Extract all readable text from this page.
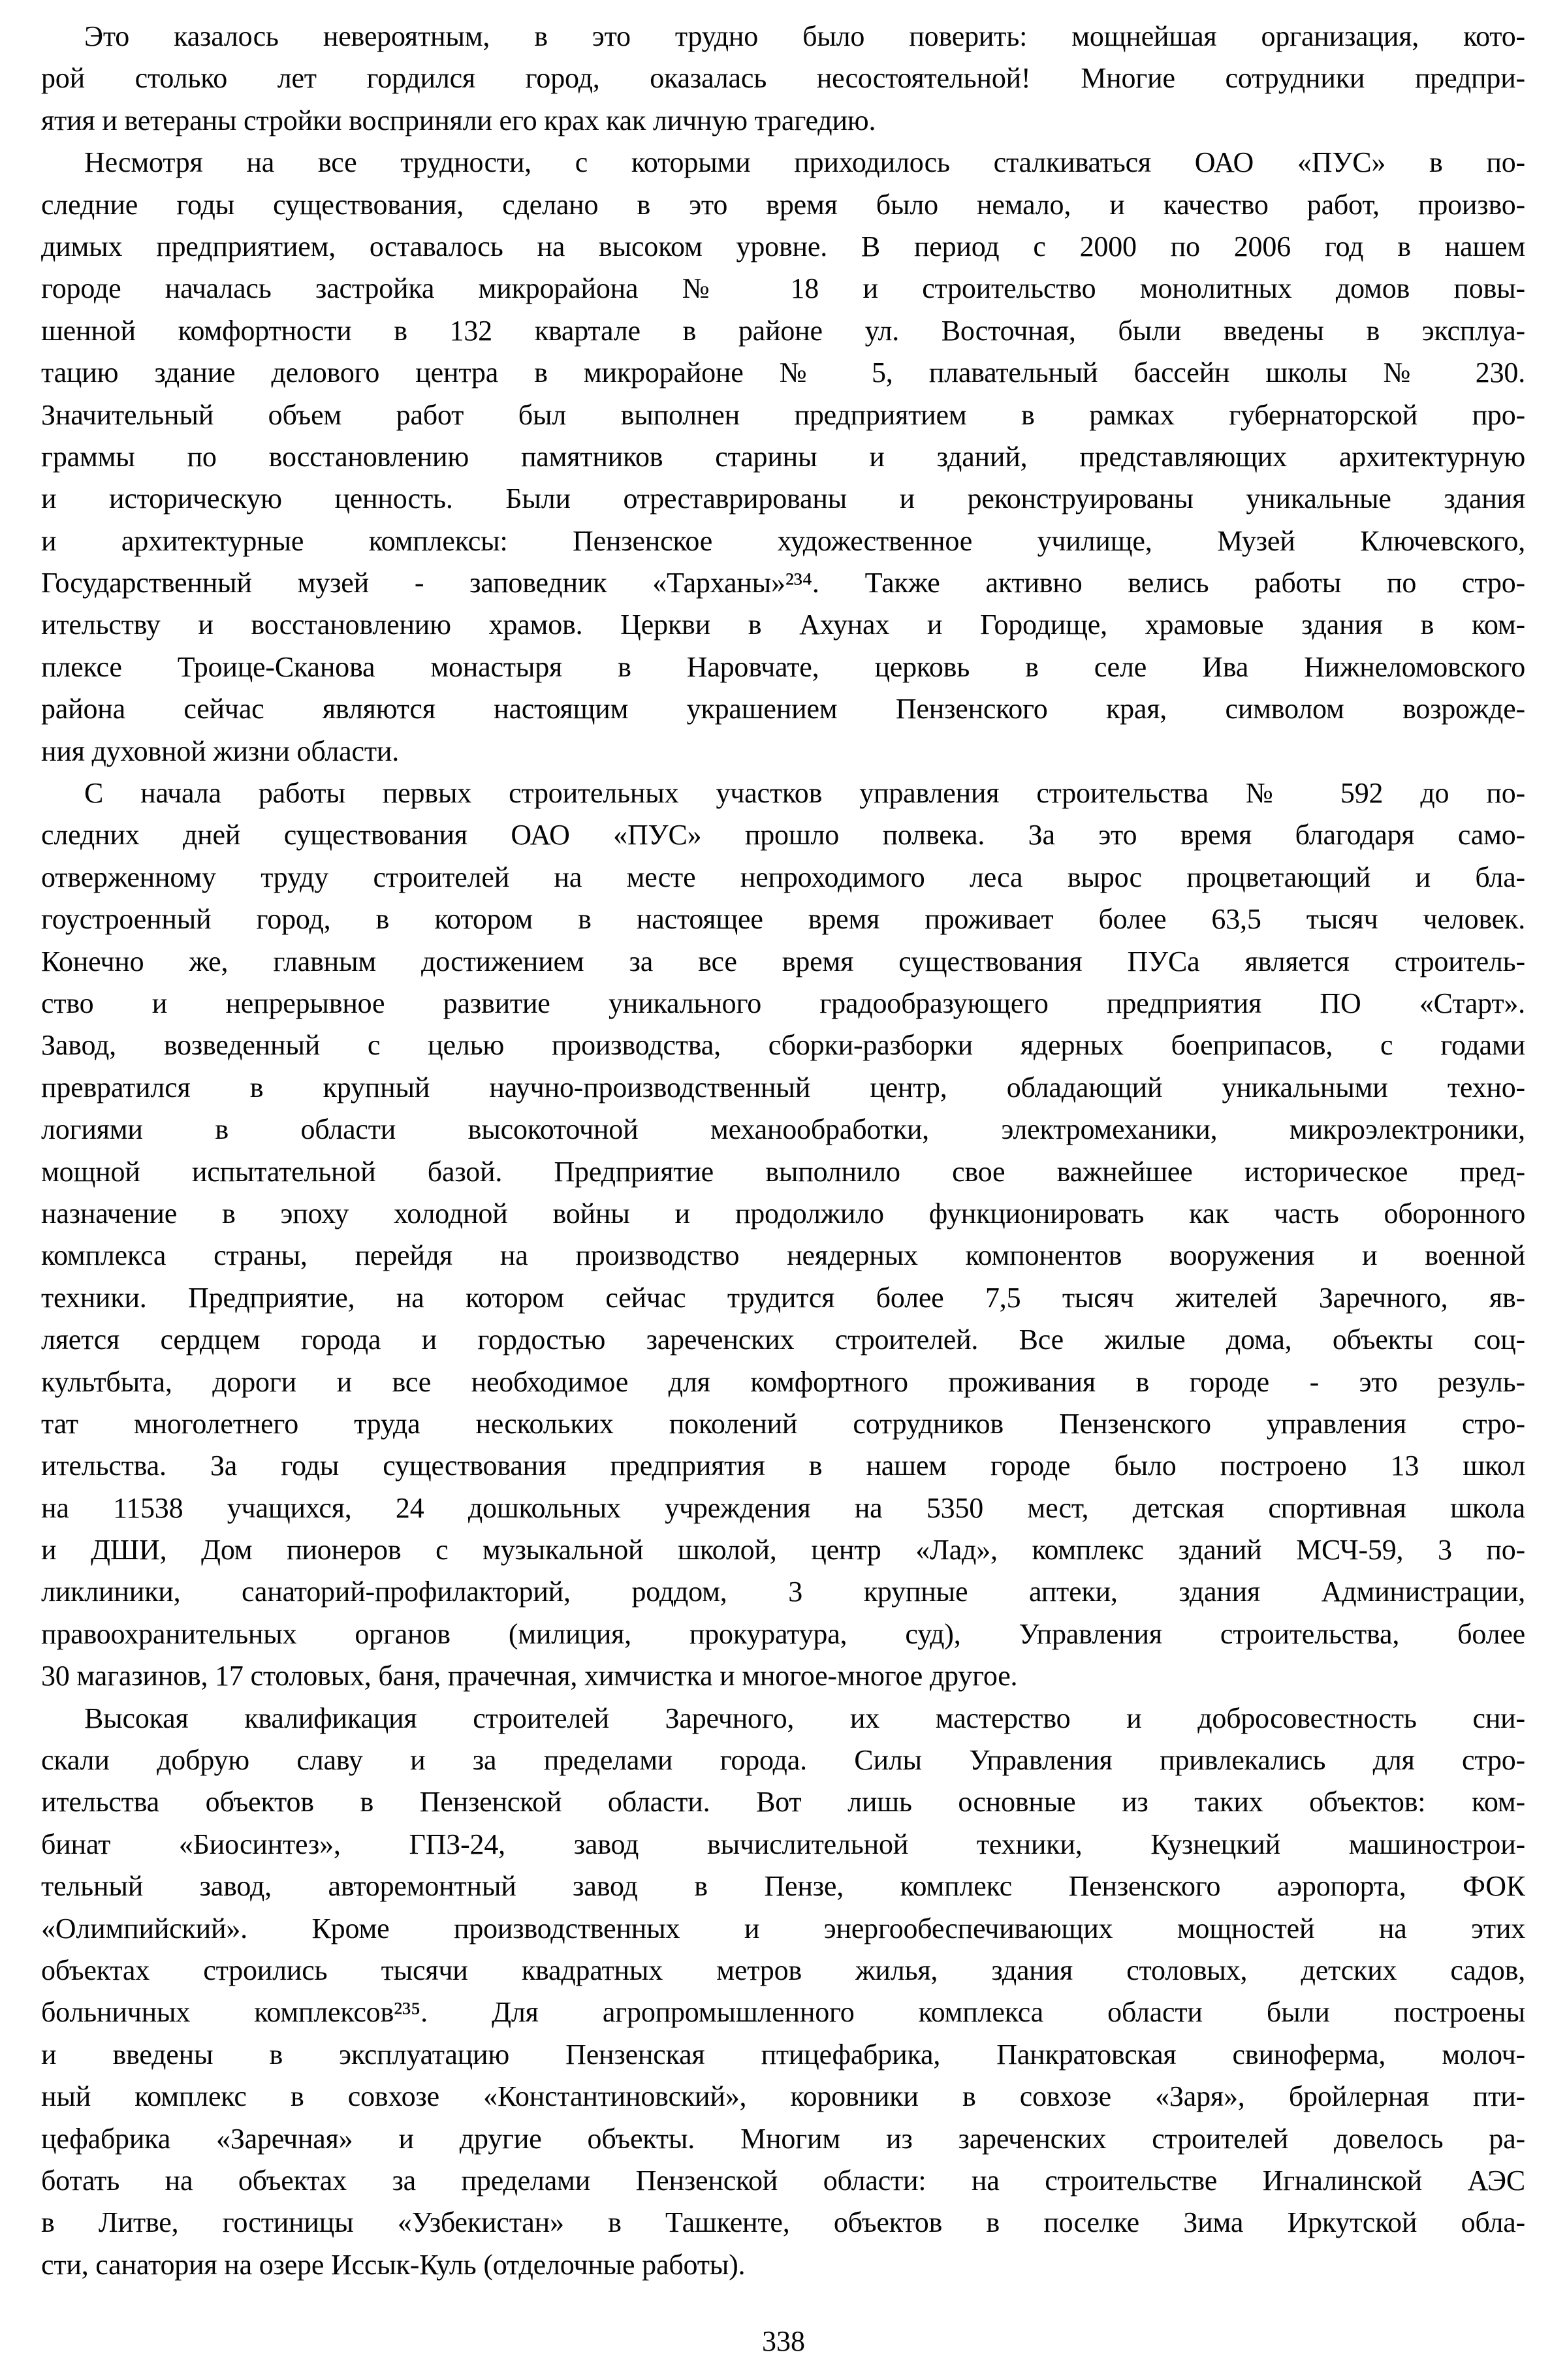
Это казалось невероятным, в это трудно было поверить: мощнейшая организация, кото-
рой столько лет гордился город, оказалась несостоятельной! Многие сотрудники предпри-
ятия и ветераны стройки восприняли его крах как личную трагедию.
Несмотря на все трудности, с которыми приходилось сталкиваться ОАО «ПУС» в по-
следние годы существования, сделано в это время было немало, и качество работ, произво-
димых предприятием, оставалось на высоком уровне. В период с 2000 по 2006 год в нашем
городе началась застройка микрорайона № 18 и строительство монолитных домов повы-
шенной комфортности в 132 квартале в районе ул. Восточная, были введены в эксплуа-
тацию здание делового центра в микрорайоне № 5, плавательный бассейн школы № 230.
Значительный объем работ был выполнен предприятием в рамках губернаторской про-
граммы по восстановлению памятников старины и зданий, представляющих архитектурную
и историческую ценность. Были отреставрированы и реконструированы уникальные здания
и архитектурные комплексы: Пензенское художественное училище, Музей Ключевского,
Государственный музей - заповедник «Тарханы»²³⁴. Также активно велись работы по стро-
ительству и восстановлению храмов. Церкви в Ахунах и Городище, храмовые здания в ком-
плексе Троице-Сканова монастыря в Наровчате, церковь в селе Ива Нижнеломовского
района сейчас являются настоящим украшением Пензенского края, символом возрожде-
ния духовной жизни области.
С начала работы первых строительных участков управления строительства № 592 до по-
следних дней существования ОАО «ПУС» прошло полвека. За это время благодаря само-
отверженному труду строителей на месте непроходимого леса вырос процветающий и бла-
гоустроенный город, в котором в настоящее время проживает более 63,5 тысяч человек.
Конечно же, главным достижением за все время существования ПУСа является строитель-
ство и непрерывное развитие уникального градообразующего предприятия ПО «Старт».
Завод, возведенный с целью производства, сборки-разборки ядерных боеприпасов, с годами
превратился в крупный научно-производственный центр, обладающий уникальными техно-
логиями в области высокоточной механообработки, электромеханики, микроэлектроники,
мощной испытательной базой. Предприятие выполнило свое важнейшее историческое пред-
назначение в эпоху холодной войны и продолжило функционировать как часть оборонного
комплекса страны, перейдя на производство неядерных компонентов вооружения и военной
техники. Предприятие, на котором сейчас трудится более 7,5 тысяч жителей Заречного, яв-
ляется сердцем города и гордостью зареченских строителей. Все жилые дома, объекты соц-
культбыта, дороги и все необходимое для комфортного проживания в городе - это резуль-
тат многолетнего труда нескольких поколений сотрудников Пензенского управления стро-
ительства. За годы существования предприятия в нашем городе было построено 13 школ
на 11538 учащихся, 24 дошкольных учреждения на 5350 мест, детская спортивная школа
и ДШИ, Дом пионеров с музыкальной школой, центр «Лад», комплекс зданий МСЧ-59, 3 по-
ликлиники, санаторий-профилакторий, роддом, 3 крупные аптеки, здания Администрации,
правоохранительных органов (милиция, прокуратура, суд), Управления строительства, более
30 магазинов, 17 столовых, баня, прачечная, химчистка и многое-многое другое.
Высокая квалификация строителей Заречного, их мастерство и добросовестность сни-
скали добрую славу и за пределами города. Силы Управления привлекались для стро-
ительства объектов в Пензенской области. Вот лишь основные из таких объектов: ком-
бинат «Биосинтез», ГПЗ-24, завод вычислительной техники, Кузнецкий машинострои-
тельный завод, авторемонтный завод в Пензе, комплекс Пензенского аэропорта, ФОК
«Олимпийский». Кроме производственных и энергообеспечивающих мощностей на этих
объектах строились тысячи квадратных метров жилья, здания столовых, детских садов,
больничных комплексов²³⁵. Для агропромышленного комплекса области были построены
и введены в эксплуатацию Пензенская птицефабрика, Панкратовская свиноферма, молоч-
ный комплекс в совхозе «Константиновский», коровники в совхозе «Заря», бройлерная пти-
цефабрика «Заречная» и другие объекты. Многим из зареченских строителей довелось ра-
ботать на объектах за пределами Пензенской области: на строительстве Игналинской АЭС
в Литве, гостиницы «Узбекистан» в Ташкенте, объектов в поселке Зима Иркутской обла-
сти, санатория на озере Иссык-Куль (отделочные работы).
338
